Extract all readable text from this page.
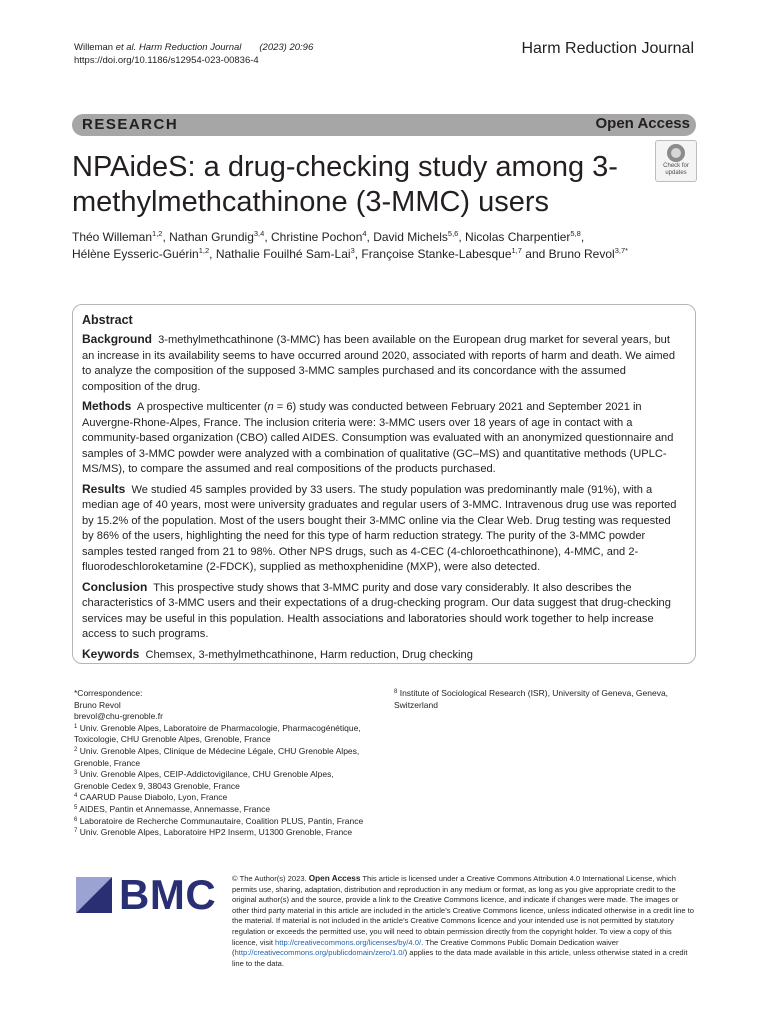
Willeman et al. Harm Reduction Journal (2023) 20:96
https://doi.org/10.1186/s12954-023-00836-4
Harm Reduction Journal
RESEARCH	Open Access
NPAideS: a drug-checking study among 3-methylmethcathinone (3-MMC) users
Check for
updates
Théo Willeman$^{1,2}$, Nathan Grundig$^{3,4}$, Christine Pochon$^4$, David Michels$^{5,6}$, Nicolas Charpentier$^{5,8}$,
Hélène Eysseric-Guérin$^{1,2}$, Nathalie Fouilhé Sam-Lai$^3$, Françoise Stanke-Labesque$^{1,7}$ and Bruno Revol$^{3,7*}$
Abstract

Background 3-methylmethcathinone (3-MMC) has been available on the European drug market for several years, but an increase in its availability seems to have occurred around 2020, associated with reports of harm and death. We aimed to analyze the composition of the supposed 3-MMC samples purchased and its concordance with the assumed composition of the drug.

Methods A prospective multicenter (n = 6) study was conducted between February 2021 and September 2021 in Auvergne-Rhone-Alpes, France. The inclusion criteria were: 3-MMC users over 18 years of age in contact with a community-based organization (CBO) called AIDES. Consumption was evaluated with an anonymized questionnaire and samples of 3-MMC powder were analyzed with a combination of qualitative (GC–MS) and quantitative methods (UPLC-MS/MS), to compare the assumed and real compositions of the products purchased.

Results We studied 45 samples provided by 33 users. The study population was predominantly male (91%), with a median age of 40 years, most were university graduates and regular users of 3-MMC. Intravenous drug use was reported by 15.2% of the population. Most of the users bought their 3-MMC online via the Clear Web. Drug testing was requested by 86% of the users, highlighting the need for this type of harm reduction strategy. The purity of the 3-MMC powder samples tested ranged from 21 to 98%. Other NPS drugs, such as 4-CEC (4-chloroethcathinone), 4-MMC, and 2-fluorodeschloroketamine (2-FDCK), supplied as methoxphenidine (MXP), were also detected.

Conclusion This prospective study shows that 3-MMC purity and dose vary considerably. It also describes the characteristics of 3-MMC users and their expectations of a drug-checking program. Our data suggest that drug-checking services may be useful in this population. Health associations and laboratories should work together to help increase access to such programs.

Keywords Chemsex, 3-methylmethcathinone, Harm reduction, Drug checking

*Correspondence:
Bruno Revol
brevol@chu-grenoble.fr
$^1$ Univ. Grenoble Alpes, Laboratoire de Pharmacologie, Pharmacogénétique, Toxicologie, CHU Grenoble Alpes, Grenoble, France
$^2$ Univ. Grenoble Alpes, Clinique de Médecine Légale, CHU Grenoble Alpes, Grenoble, France
$^3$ Univ. Grenoble Alpes, CEIP-Addictovigilance, CHU Grenoble Alpes, Grenoble Cedex 9, 38043 Grenoble, France
$^4$ CAARUD Pause Diabolo, Lyon, France
$^5$ AIDES, Pantin et Annemasse, Annemasse, France
$^6$ Laboratoire de Recherche Communautaire, Coalition PLUS, Pantin, France
$^7$ Univ. Grenoble Alpes, Laboratoire HP2 Inserm, U1300 Grenoble, France
$^8$ Institute of Sociological Research (ISR), University of Geneva, Geneva, Switzerland
BMC © The Author(s) 2023. Open Access This article is licensed under a Creative Commons Attribution 4.0 International License, which permits use, sharing, adaptation, distribution and reproduction in any medium or format, as long as you give appropriate credit to the original author(s) and the source, provide a link to the Creative Commons licence, and indicate if changes were made. The images or other third party material in this article are included in the article’s Creative Commons licence, unless indicated otherwise in a credit line to the material. If material is not included in the article’s Creative Commons licence and your intended use is not permitted by statutory regulation or exceeds the permitted use, you will need to obtain permission directly from the copyright holder. To view a copy of this licence, visit http://creativecommons.org/licenses/by/4.0/. The Creative Commons Public Domain Dedication waiver (http://creativecommons.org/publicdomain/zero/1.0/) applies to the data made available in this article, unless otherwise stated in a credit line to the data.
